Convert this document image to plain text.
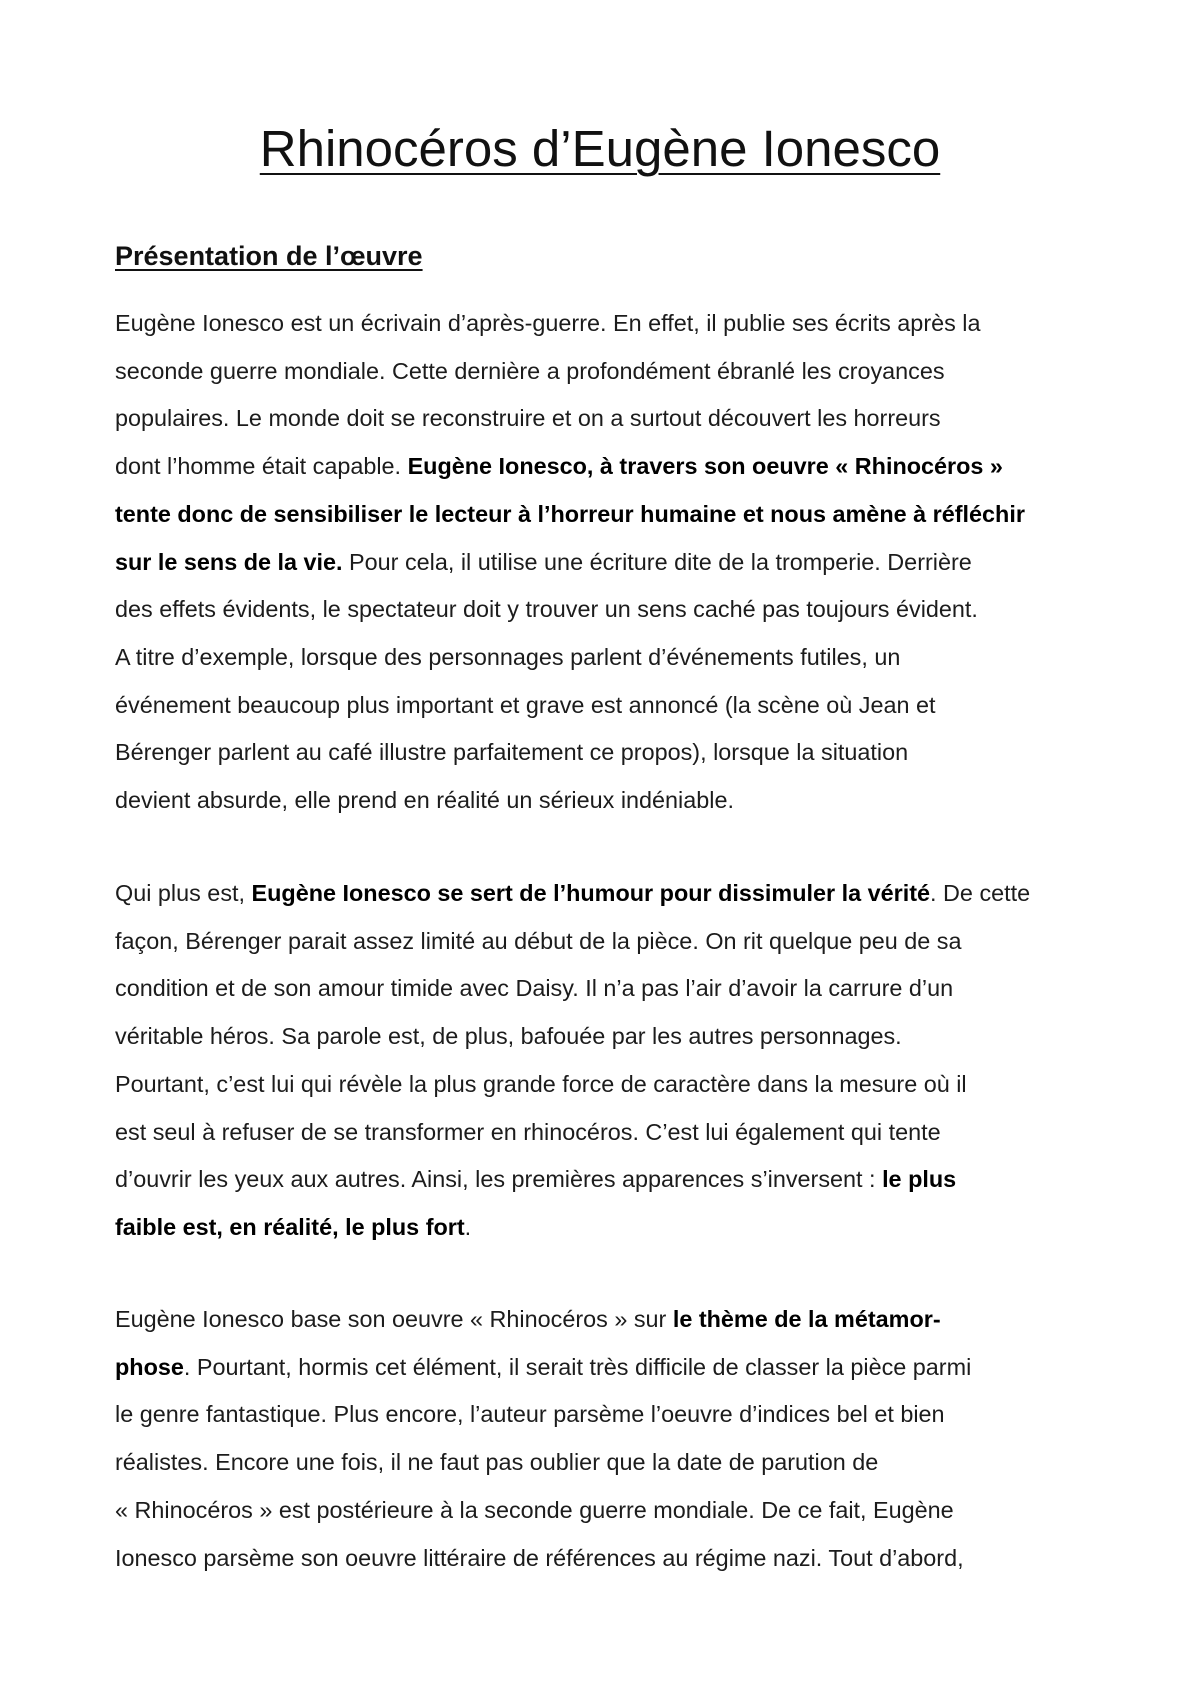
Rhinocéros d’Eugène Ionesco
Présentation de l’œuvre

Eugène Ionesco est un écrivain d’après-guerre. En effet, il publie ses écrits après la
seconde guerre mondiale. Cette dernière a profondément ébranlé les croyances
populaires. Le monde doit se reconstruire et on a surtout découvert les horreurs
dont l’homme était capable. Eugène Ionesco, à travers son oeuvre « Rhinocéros »
tente donc de sensibiliser le lecteur à l’horreur humaine et nous amène à réfléchir
sur le sens de la vie. Pour cela, il utilise une écriture dite de la tromperie. Derrière
des effets évidents, le spectateur doit y trouver un sens caché pas toujours évident.
A titre d’exemple, lorsque des personnages parlent d’événements futiles, un
événement beaucoup plus important et grave est annoncé (la scène où Jean et
Bérenger parlent au café illustre parfaitement ce propos), lorsque la situation
devient absurde, elle prend en réalité un sérieux indéniable.

Qui plus est, Eugène Ionesco se sert de l’humour pour dissimuler la vérité. De cette
façon, Bérenger parait assez limité au début de la pièce. On rit quelque peu de sa
condition et de son amour timide avec Daisy. Il n’a pas l’air d’avoir la carrure d’un
véritable héros. Sa parole est, de plus, bafouée par les autres personnages.
Pourtant, c’est lui qui révèle la plus grande force de caractère dans la mesure où il
est seul à refuser de se transformer en rhinocéros. C’est lui également qui tente
d’ouvrir les yeux aux autres. Ainsi, les premières apparences s’inversent : le plus
faible est, en réalité, le plus fort.

Eugène Ionesco base son oeuvre « Rhinocéros » sur le thème de la métamor-
phose. Pourtant, hormis cet élément, il serait très difficile de classer la pièce parmi
le genre fantastique. Plus encore, l’auteur parsème l’oeuvre d’indices bel et bien
réalistes. Encore une fois, il ne faut pas oublier que la date de parution de
« Rhinocéros » est postérieure à la seconde guerre mondiale. De ce fait, Eugène
Ionesco parsème son oeuvre littéraire de références au régime nazi. Tout d’abord,
